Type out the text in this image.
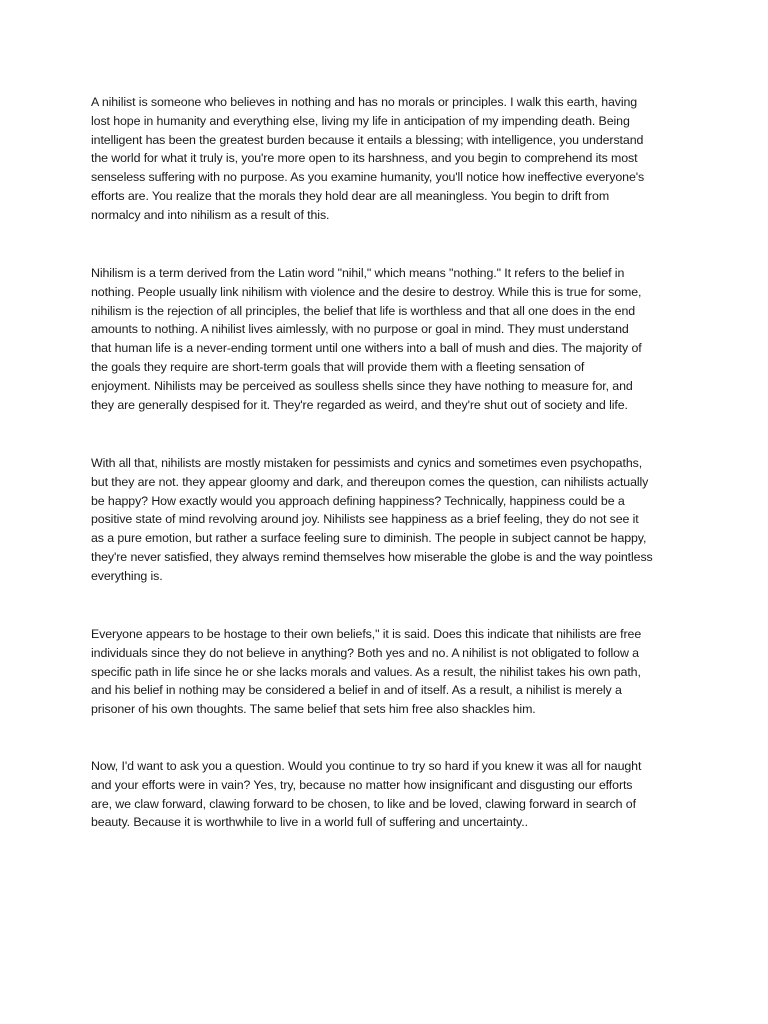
A nihilist is someone who believes in nothing and has no morals or principles. I walk this earth, having
lost hope in humanity and everything else, living my life in anticipation of my impending death. Being
intelligent has been the greatest burden because it entails a blessing; with intelligence, you understand
the world for what it truly is, you're more open to its harshness, and you begin to comprehend its most
senseless suffering with no purpose. As you examine humanity, you'll notice how ineffective everyone's
efforts are. You realize that the morals they hold dear are all meaningless. You begin to drift from
normalcy and into nihilism as a result of this.

Nihilism is a term derived from the Latin word "nihil," which means "nothing." It refers to the belief in
nothing. People usually link nihilism with violence and the desire to destroy. While this is true for some,
nihilism is the rejection of all principles, the belief that life is worthless and that all one does in the end
amounts to nothing. A nihilist lives aimlessly, with no purpose or goal in mind. They must understand
that human life is a never-ending torment until one withers into a ball of mush and dies. The majority of
the goals they require are short-term goals that will provide them with a fleeting sensation of
enjoyment. Nihilists may be perceived as soulless shells since they have nothing to measure for, and
they are generally despised for it. They're regarded as weird, and they're shut out of society and life.

With all that, nihilists are mostly mistaken for pessimists and cynics and sometimes even psychopaths,
but they are not. they appear gloomy and dark, and thereupon comes the question, can nihilists actually
be happy? How exactly would you approach defining happiness? Technically, happiness could be a
positive state of mind revolving around joy. Nihilists see happiness as a brief feeling, they do not see it
as a pure emotion, but rather a surface feeling sure to diminish. The people in subject cannot be happy,
they're never satisfied, they always remind themselves how miserable the globe is and the way pointless
everything is.

Everyone appears to be hostage to their own beliefs," it is said. Does this indicate that nihilists are free
individuals since they do not believe in anything? Both yes and no. A nihilist is not obligated to follow a
specific path in life since he or she lacks morals and values. As a result, the nihilist takes his own path,
and his belief in nothing may be considered a belief in and of itself. As a result, a nihilist is merely a
prisoner of his own thoughts. The same belief that sets him free also shackles him.

Now, I'd want to ask you a question. Would you continue to try so hard if you knew it was all for naught
and your efforts were in vain? Yes, try, because no matter how insignificant and disgusting our efforts
are, we claw forward, clawing forward to be chosen, to like and be loved, clawing forward in search of
beauty. Because it is worthwhile to live in a world full of suffering and uncertainty..
